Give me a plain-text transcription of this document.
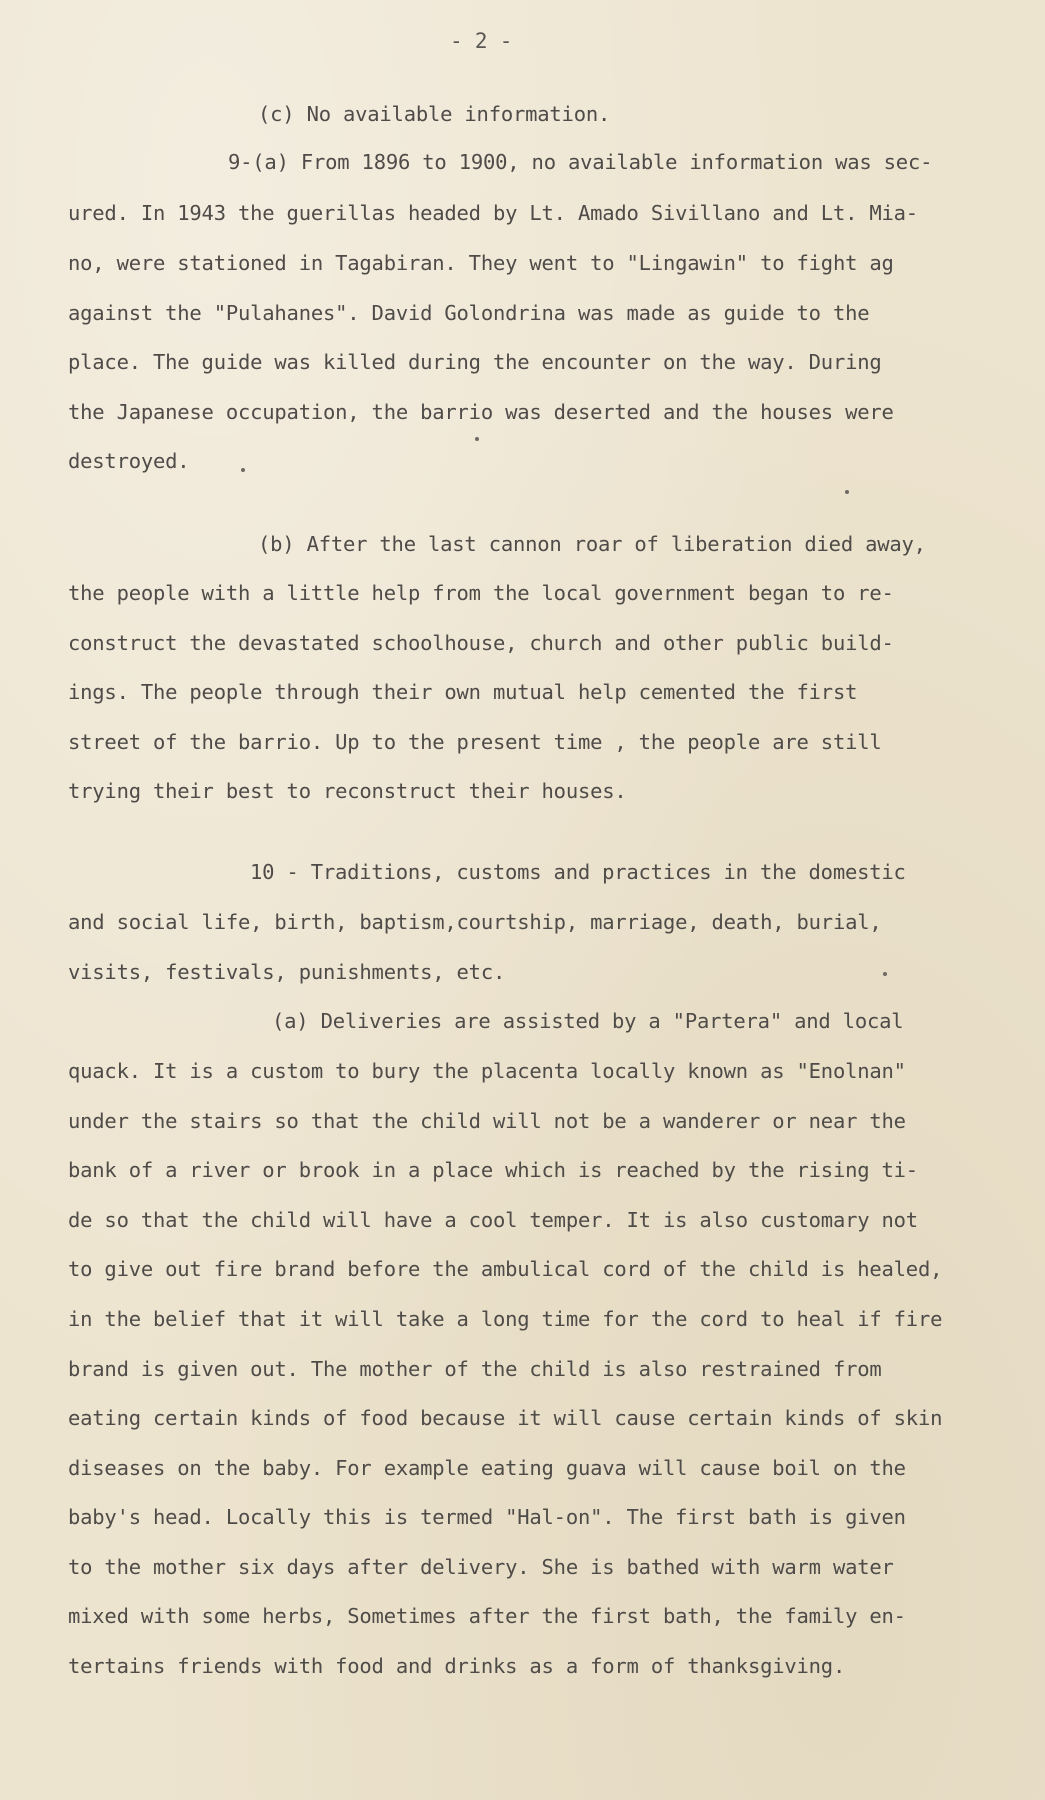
- 2 -
(c) No available information.
9-(a) From 1896 to 1900, no available information was sec-
ured. In 1943 the guerillas headed by Lt. Amado Sivillano and Lt. Mia-
no, were stationed in Tagabiran. They went to "Lingawin" to fight ag
against the "Pulahanes". David Golondrina was made as guide to the
place. The guide was killed during the encounter on the way. During
the Japanese occupation, the barrio was deserted and the houses were
destroyed.
(b) After the last cannon roar of liberation died away,
the people with a little help from the local government began to re-
construct the devastated schoolhouse, church and other public build-
ings. The people through their own mutual help cemented the first
street of the barrio. Up to the present time , the people are still
trying their best to reconstruct their houses.
10 - Traditions, customs and practices in the domestic
and social life, birth, baptism,courtship, marriage, death, burial,
visits, festivals, punishments, etc.
(a) Deliveries are assisted by a "Partera" and local
quack. It is a custom to bury the placenta locally known as "Enolnan"
under the stairs so that the child will not be a wanderer or near the
bank of a river or brook in a place which is reached by the rising ti-
de so that the child will have a cool temper. It is also customary not
to give out fire brand before the ambulical cord of the child is healed,
in the belief that it will take a long time for the cord to heal if fire
brand is given out. The mother of the child is also restrained from
eating certain kinds of food because it will cause certain kinds of skin
diseases on the baby. For example eating guava will cause boil on the
baby's head. Locally this is termed "Hal-on". The first bath is given
to the mother six days after delivery. She is bathed with warm water
mixed with some herbs, Sometimes after the first bath, the family en-
tertains friends with food and drinks as a form of thanksgiving.
